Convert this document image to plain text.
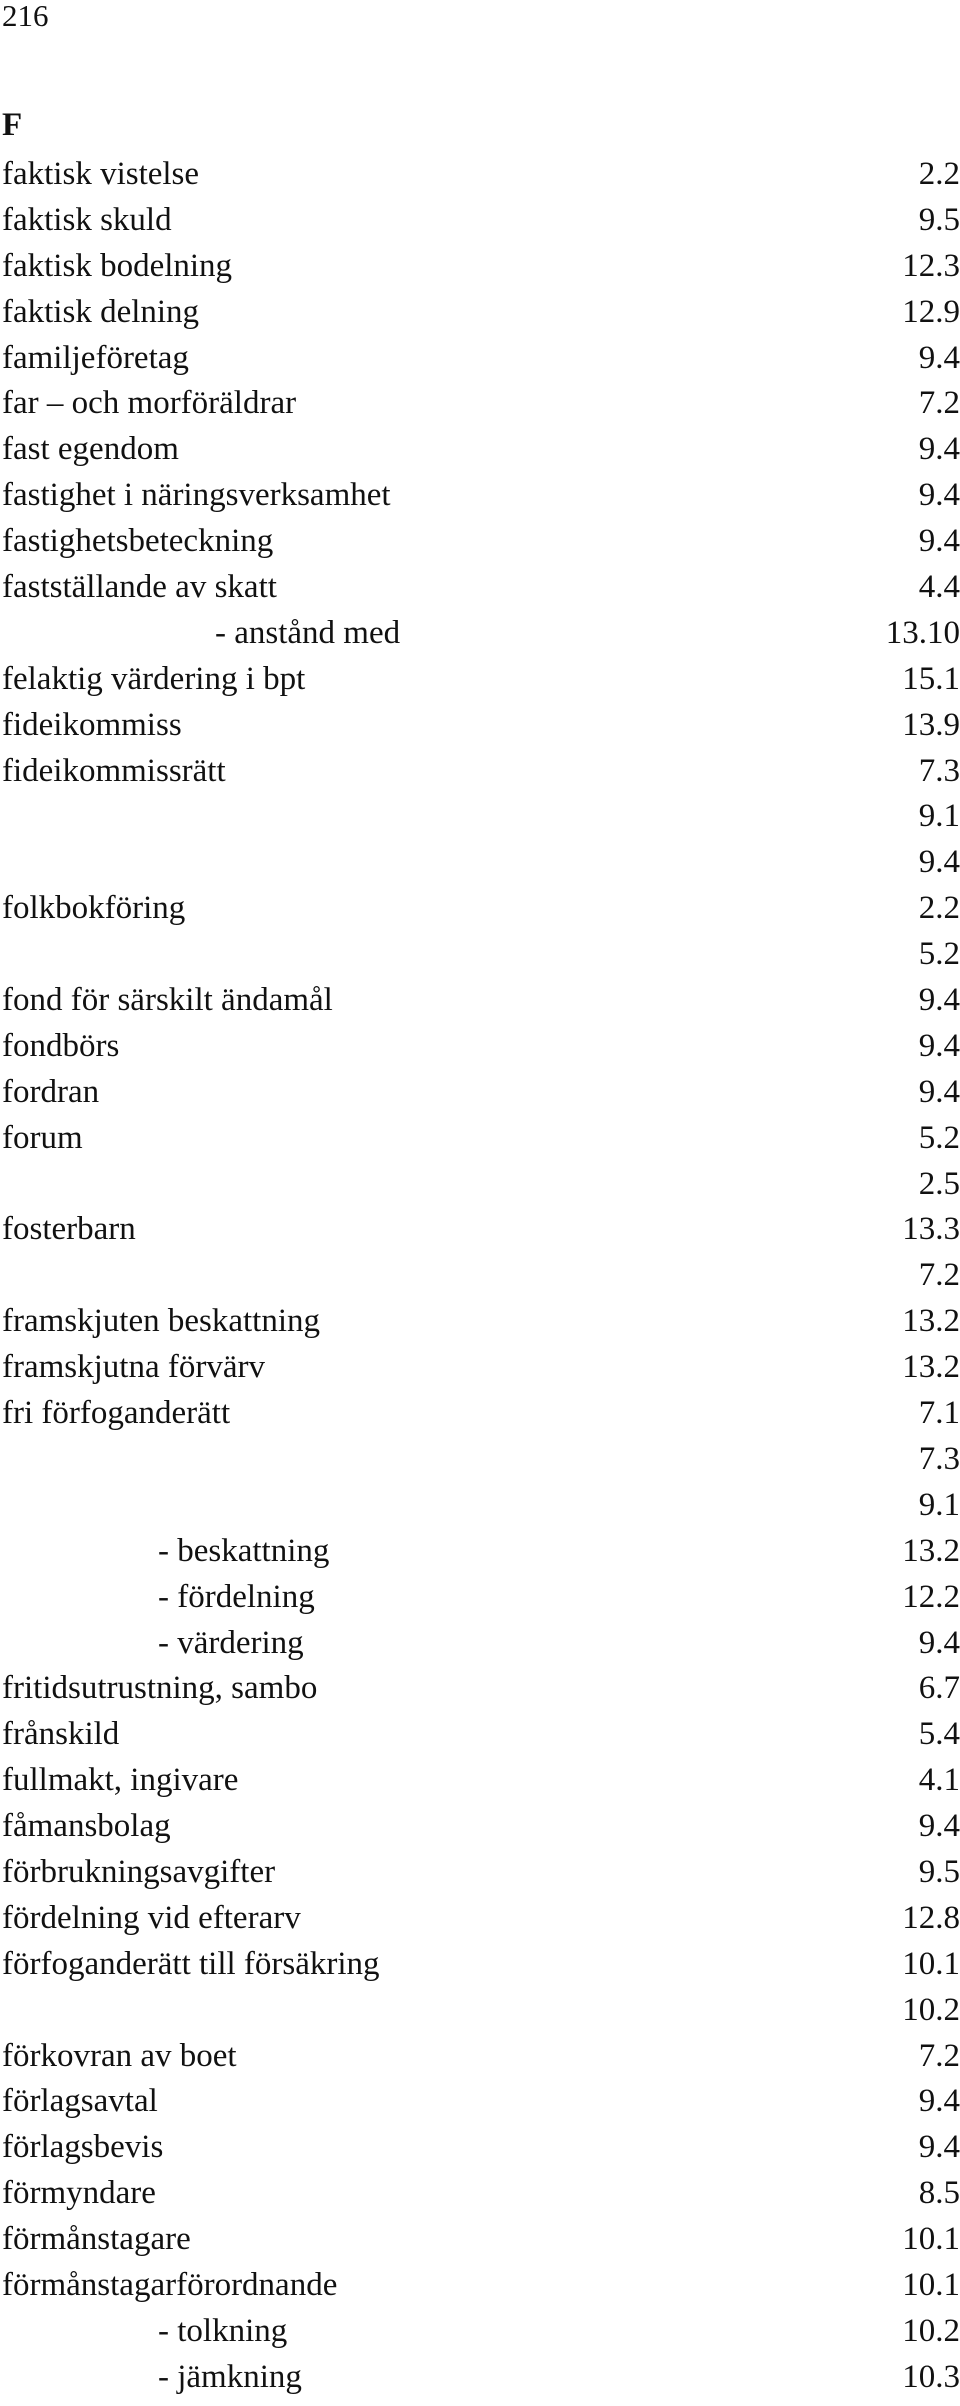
216
F
faktisk vistelse	2.2
faktisk skuld	9.5
faktisk bodelning	12.3
faktisk delning	12.9
familjeföretag	9.4
far – och morföräldrar	7.2
fast egendom	9.4
fastighet i näringsverksamhet	9.4
fastighetsbeteckning	9.4
fastställande av skatt	4.4
- anstånd med	13.10
felaktig värdering i bpt	15.1
fideikommiss	13.9
fideikommissrätt	7.3
9.1
9.4
folkbokföring	2.2
5.2
fond för särskilt ändamål	9.4
fondbörs	9.4
fordran	9.4
forum	5.2
2.5
fosterbarn	13.3
7.2
framskjuten beskattning	13.2
framskjutna förvärv	13.2
fri förfoganderätt	7.1
7.3
9.1
- beskattning	13.2
- fördelning	12.2
- värdering	9.4
fritidsutrustning, sambo	6.7
frånskild	5.4
fullmakt, ingivare	4.1
fåmansbolag	9.4
förbrukningsavgifter	9.5
fördelning vid efterarv	12.8
förfoganderätt till försäkring	10.1
10.2
förkovran av boet	7.2
förlagsavtal	9.4
förlagsbevis	9.4
förmyndare	8.5
förmånstagare	10.1
förmånstagarförordnande	10.1
- tolkning	10.2
- jämkning	10.3
